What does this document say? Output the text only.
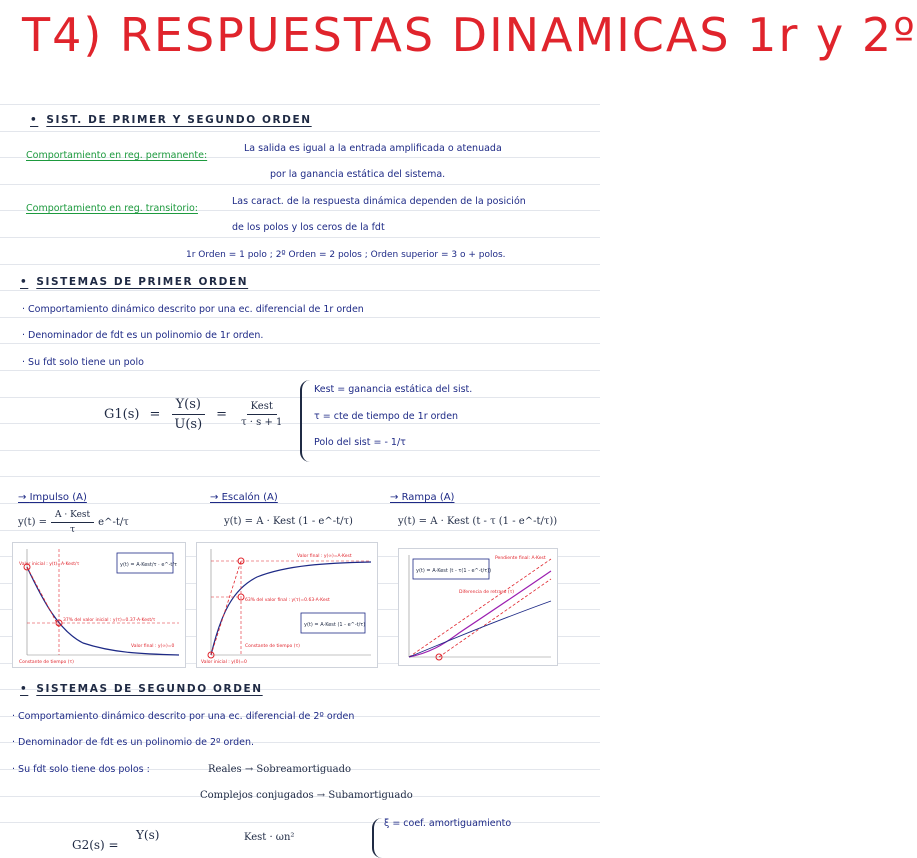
T4) RESPUESTAS DINAMICAS 1r y 2º
• SIST. DE PRIMER Y SEGUNDO ORDEN
Comportamiento en reg. permanente:
La salida es igual a la entrada amplificada o atenuada
por la ganancia estática del sistema.
Comportamiento en reg. transitorio:
Las caract. de la respuesta dinámica dependen de la posición
de los polos y los ceros de la fdt
1r Orden = 1 polo ; 2º Orden = 2 polos ; Orden superior = 3 o + polos.
• SISTEMAS DE PRIMER ORDEN
· Comportamiento dinámico descrito por una ec. diferencial de 1r orden
· Denominador de fdt es un polinomio de 1r orden.
· Su fdt solo tiene un polo
$G1(s) = \frac{Y(s)}{U(s)} = \frac{\text{Kest}}{\tau \cdot s + 1}$
Kest = ganancia estática del sist.
τ = cte de tiempo de 1r orden
Polo del sist = - 1/τ
→ Impulso (A)	→ Escalón (A)	→ Rampa (A)
$y(t) = \frac{\text{A · Kest}}{\tau}$ e^-t/τ	y(t) = A · Kest (1 - e^-t/τ)	y(t) = A · Kest (t - τ (1 - e^-t/τ))
Valor inicial : y(t)=A·Kest/τ
37% del valor inicial : y(τ)=0.37·A·Kest/τ
Constante de tiempo (τ)
Valor final : y(∞)=0
y(t) = A·Kest/τ · e^-t/τ
Valor final : y(∞)=A·Kest
63% del valor final : y(τ)=0.63·A·Kest
Constante de tiempo (τ)
Valor inicial : y(0)=0
y(t) = A·Kest (1 - e^-t/τ)
Pendiente final: A·Kest
Diferencia de retraso (τ)
y(t) = A·Kest (t - τ(1 - e^-t/τ))
• SISTEMAS DE SEGUNDO ORDEN
· Comportamiento dinámico descrito por una ec. diferencial de 2º orden
· Denominador de fdt es un polinomio de 2º orden.
· Su fdt solo tiene dos polos :	Reales → Sobreamortiguado
Complejos conjugados → Subamortiguado
G2(s) =
Y(s)	Kest · ωn²
ξ = coef. amortiguamiento
